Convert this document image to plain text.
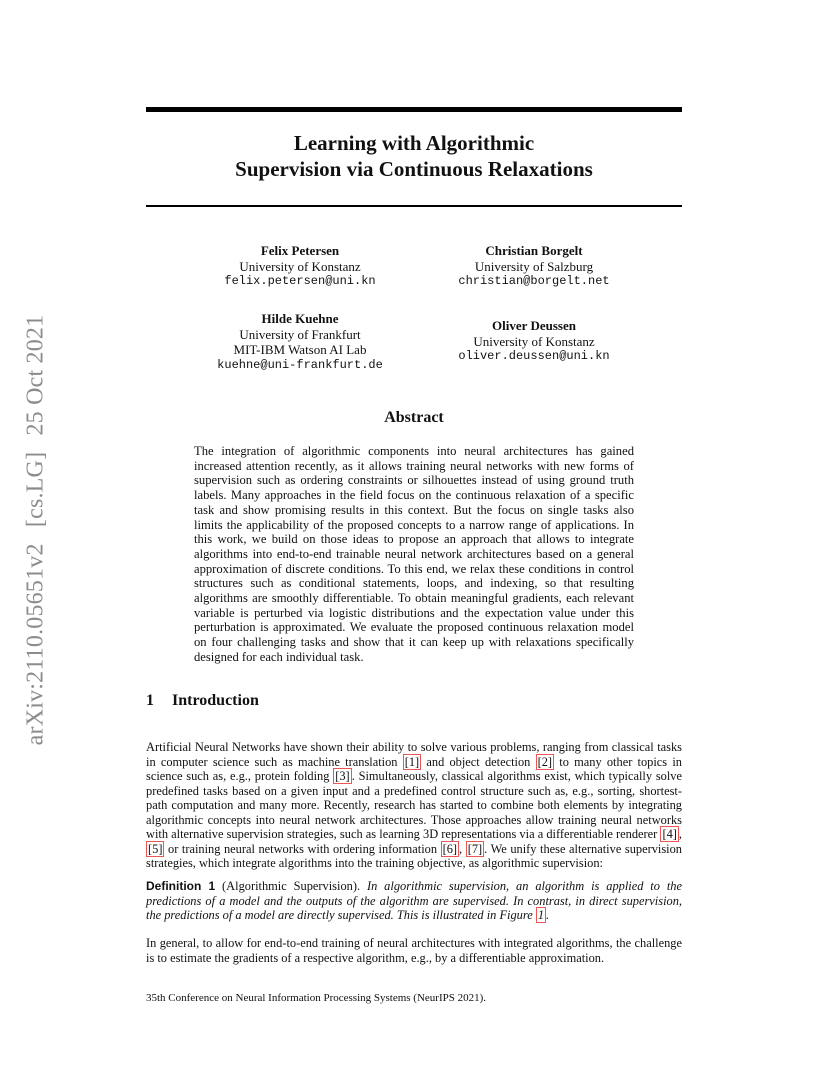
arXiv:2110.05651v2 [cs.LG] 25 Oct 2021
Learning with Algorithmic
Supervision via Continuous Relaxations
Felix Petersen
University of Konstanz
felix.petersen@uni.kn
Christian Borgelt
University of Salzburg
christian@borgelt.net
Hilde Kuehne
University of Frankfurt
MIT-IBM Watson AI Lab
kuehne@uni-frankfurt.de
Oliver Deussen
University of Konstanz
oliver.deussen@uni.kn
Abstract
The integration of algorithmic components into neural architectures has gained increased attention recently, as it allows training neural networks with new forms of supervision such as ordering constraints or silhouettes instead of using ground truth labels. Many approaches in the field focus on the continuous relaxation of a specific task and show promising results in this context. But the focus on single tasks also limits the applicability of the proposed concepts to a narrow range of applications. In this work, we build on those ideas to propose an approach that allows to integrate algorithms into end-to-end trainable neural network architectures based on a general approximation of discrete conditions. To this end, we relax these conditions in control structures such as conditional statements, loops, and indexing, so that resulting algorithms are smoothly differentiable. To obtain meaningful gradients, each relevant variable is perturbed via logistic distributions and the expectation value under this perturbation is approximated. We evaluate the proposed continuous relaxation model on four challenging tasks and show that it can keep up with relaxations specifically designed for each individual task.
1 Introduction
Artificial Neural Networks have shown their ability to solve various problems, ranging from classical tasks in computer science such as machine translation [1] and object detection [2] to many other topics in science such as, e.g., protein folding [3] . Simultaneously, classical algorithms exist, which typically solve predefined tasks based on a given input and a predefined control structure such as, e.g., sorting, shortest-path computation and many more. Recently, research has started to combine both elements by integrating algorithmic concepts into neural network architectures. Those approaches allow training neural networks with alternative supervision strategies, such as learning 3D representations via a differentiable renderer [4] , [5] or training neural networks with ordering information [6] , [7] . We unify these alternative supervision strategies, which integrate algorithms into the training objective, as algorithmic supervision:
Definition 1 (Algorithmic Supervision). In algorithmic supervision, an algorithm is applied to the predictions of a model and the outputs of the algorithm are supervised. In contrast, in direct supervision, the predictions of a model are directly supervised. This is illustrated in Figure 1 .
In general, to allow for end-to-end training of neural architectures with integrated algorithms, the challenge is to estimate the gradients of a respective algorithm, e.g., by a differentiable approximation.
35th Conference on Neural Information Processing Systems (NeurIPS 2021).
